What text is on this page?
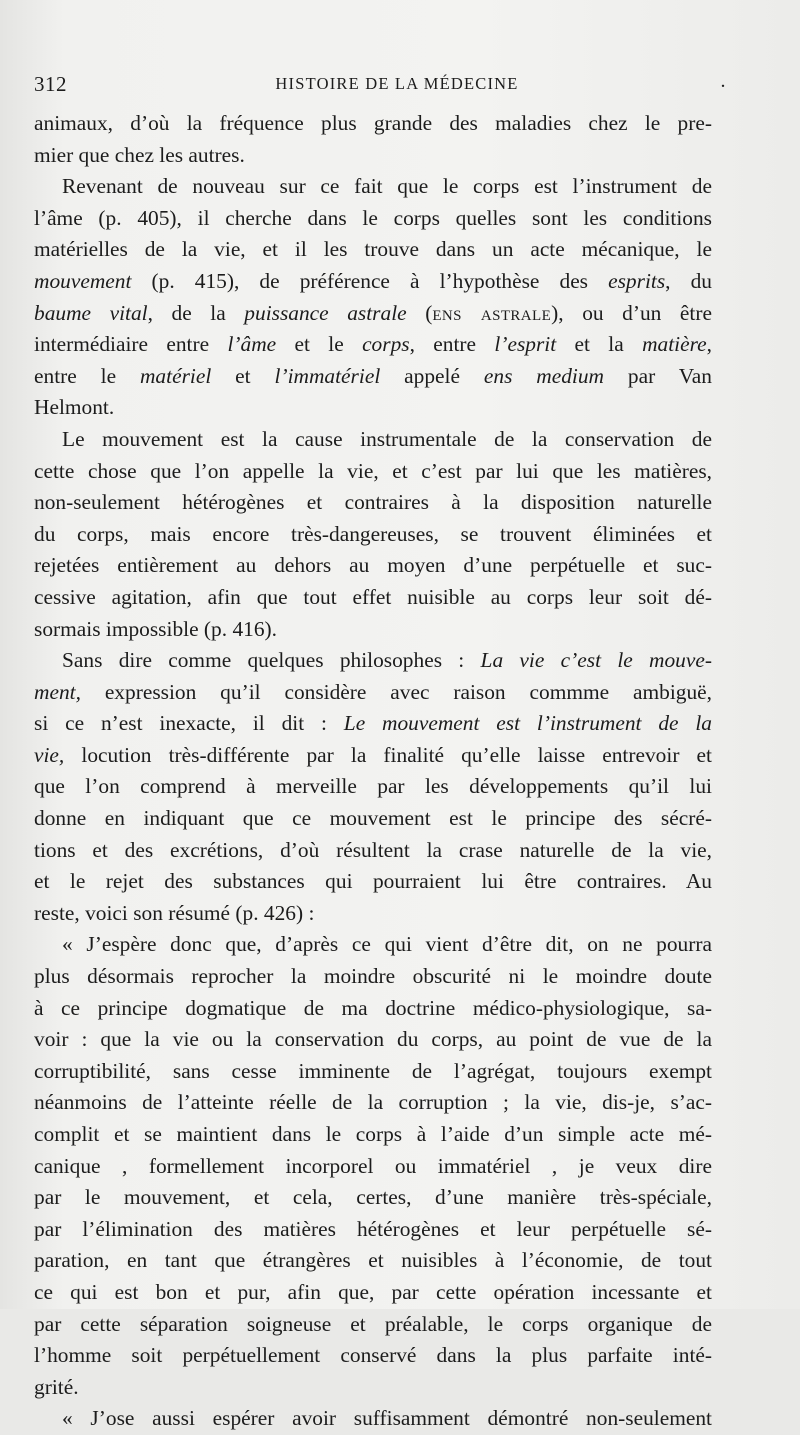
312	HISTOIRE DE LA MÉDECINE	.
animaux, d’où la fréquence plus grande des maladies chez le pre-
mier que chez les autres.
Revenant de nouveau sur ce fait que le corps est l’instrument de
l’âme (p. 405), il cherche dans le corps quelles sont les conditions
matérielles de la vie, et il les trouve dans un acte mécanique, le
mouvement (p. 415), de préférence à l’hypothèse des esprits, du
baume vital, de la puissance astrale (ens astrale), ou d’un être
intermédiaire entre l’âme et le corps, entre l’esprit et la matière,
entre le matériel et l’immatériel appelé ens medium par Van
Helmont.
Le mouvement est la cause instrumentale de la conservation de
cette chose que l’on appelle la vie, et c’est par lui que les matières,
non-seulement hétérogènes et contraires à la disposition naturelle
du corps, mais encore très-dangereuses, se trouvent éliminées et
rejetées entièrement au dehors au moyen d’une perpétuelle et suc-
cessive agitation, afin que tout effet nuisible au corps leur soit dé-
sormais impossible (p. 416).
Sans dire comme quelques philosophes : La vie c’est le mouve-
ment, expression qu’il considère avec raison commme ambiguë,
si ce n’est inexacte, il dit : Le mouvement est l’instrument de la
vie, locution très-différente par la finalité qu’elle laisse entrevoir et
que l’on comprend à merveille par les développements qu’il lui
donne en indiquant que ce mouvement est le principe des sécré-
tions et des excrétions, d’où résultent la crase naturelle de la vie,
et le rejet des substances qui pourraient lui être contraires. Au
reste, voici son résumé (p. 426) :
« J’espère donc que, d’après ce qui vient d’être dit, on ne pourra
plus désormais reprocher la moindre obscurité ni le moindre doute
à ce principe dogmatique de ma doctrine médico-physiologique, sa-
voir : que la vie ou la conservation du corps, au point de vue de la
corruptibilité, sans cesse imminente de l’agrégat, toujours exempt
néanmoins de l’atteinte réelle de la corruption ; la vie, dis-je, s’ac-
complit et se maintient dans le corps à l’aide d’un simple acte mé-
canique , formellement incorporel ou immatériel , je veux dire
par le mouvement, et cela, certes, d’une manière très-spéciale,
par l’élimination des matières hétérogènes et leur perpétuelle sé-
paration, en tant que étrangères et nuisibles à l’économie, de tout
ce qui est bon et pur, afin que, par cette opération incessante et
par cette séparation soigneuse et préalable, le corps organique de
l’homme soit perpétuellement conservé dans la plus parfaite inté-
grité.
« J’ose aussi espérer avoir suffisamment démontré non-seulement
